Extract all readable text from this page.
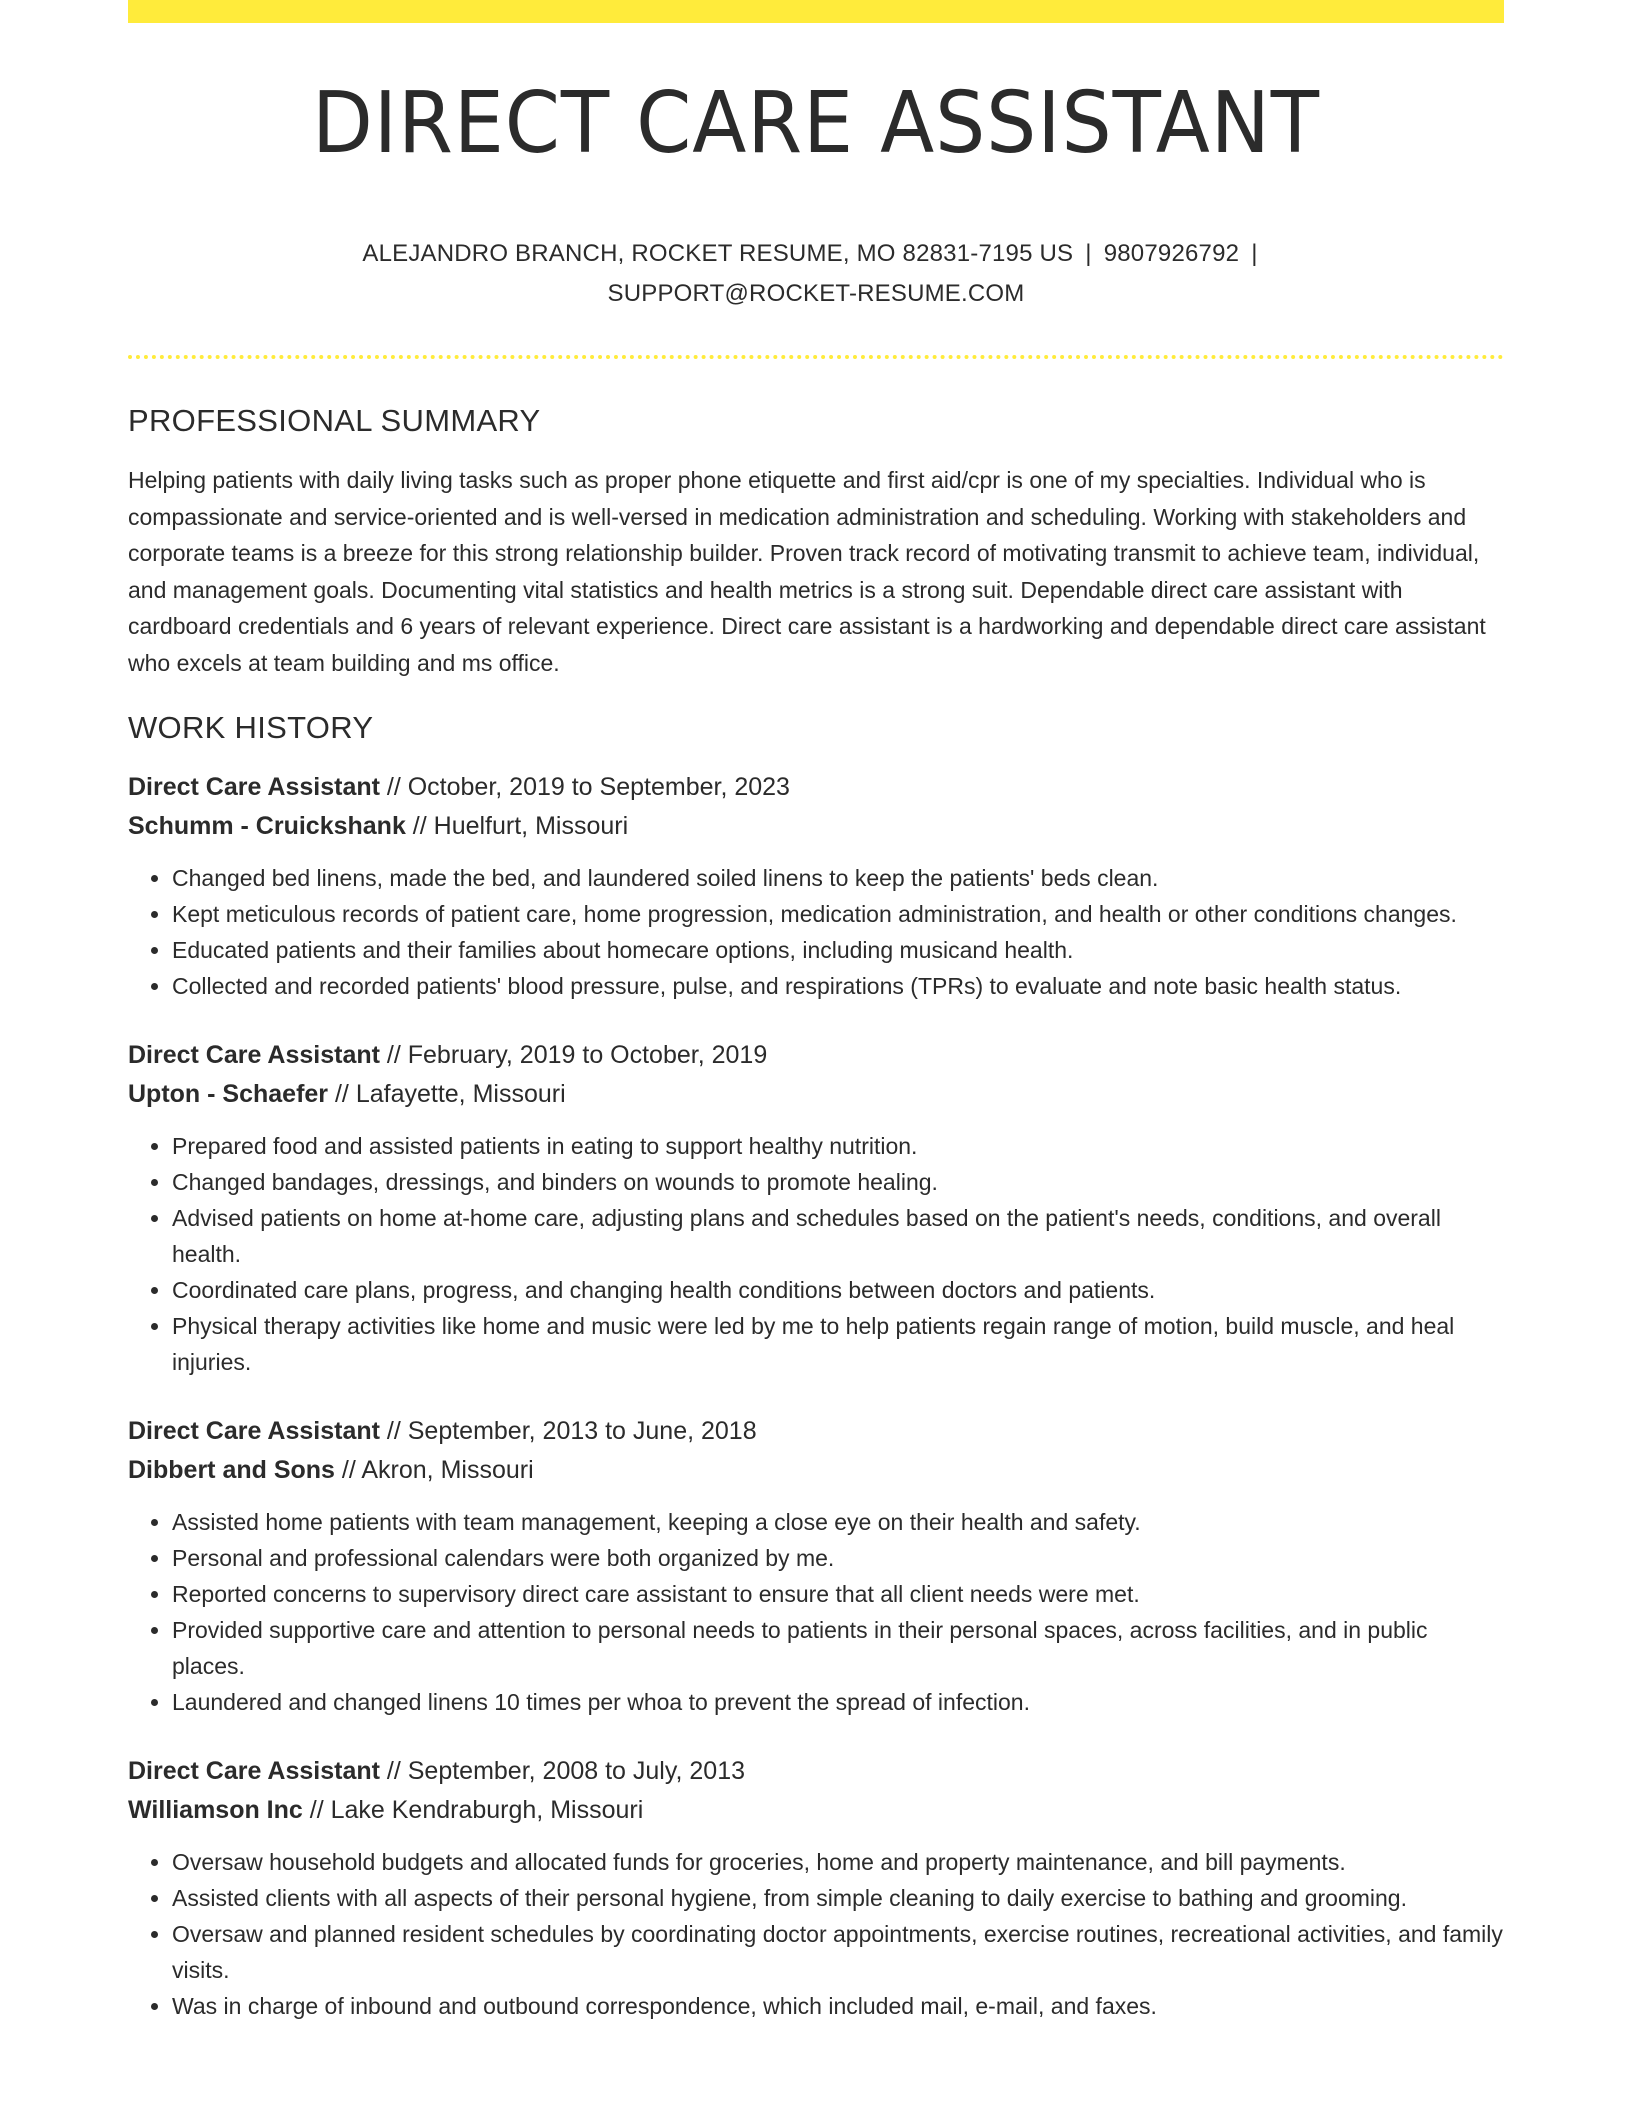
DIRECT CARE ASSISTANT
ALEJANDRO BRANCH, ROCKET RESUME, MO 82831-7195 US | 9807926792 |
SUPPORT@ROCKET-RESUME.COM
PROFESSIONAL SUMMARY

Helping patients with daily living tasks such as proper phone etiquette and first aid/cpr is one of my specialties. Individual who is compassionate and service-oriented and is well-versed in medication administration and scheduling. Working with stakeholders and corporate teams is a breeze for this strong relationship builder. Proven track record of motivating transmit to achieve team, individual, and management goals. Documenting vital statistics and health metrics is a strong suit. Dependable direct care assistant with cardboard credentials and 6 years of relevant experience. Direct care assistant is a hardworking and dependable direct care assistant who excels at team building and ms office.

WORK HISTORY
Direct Care Assistant // October, 2019 to September, 2023
Schumm - Cruickshank // Huelfurt, Missouri
• Changed bed linens, made the bed, and laundered soiled linens to keep the patients' beds clean.
• Kept meticulous records of patient care, home progression, medication administration, and health or other conditions changes.
• Educated patients and their families about homecare options, including musicand health.
• Collected and recorded patients' blood pressure, pulse, and respirations (TPRs) to evaluate and note basic health status.
Direct Care Assistant // February, 2019 to October, 2019
Upton - Schaefer // Lafayette, Missouri
• Prepared food and assisted patients in eating to support healthy nutrition.
• Changed bandages, dressings, and binders on wounds to promote healing.
• Advised patients on home at-home care, adjusting plans and schedules based on the patient's needs, conditions, and overall health.
• Coordinated care plans, progress, and changing health conditions between doctors and patients.
• Physical therapy activities like home and music were led by me to help patients regain range of motion, build muscle, and heal injuries.
Direct Care Assistant // September, 2013 to June, 2018
Dibbert and Sons // Akron, Missouri
• Assisted home patients with team management, keeping a close eye on their health and safety.
• Personal and professional calendars were both organized by me.
• Reported concerns to supervisory direct care assistant to ensure that all client needs were met.
• Provided supportive care and attention to personal needs to patients in their personal spaces, across facilities, and in public places.
• Laundered and changed linens 10 times per whoa to prevent the spread of infection.
Direct Care Assistant // September, 2008 to July, 2013
Williamson Inc // Lake Kendraburgh, Missouri
• Oversaw household budgets and allocated funds for groceries, home and property maintenance, and bill payments.
• Assisted clients with all aspects of their personal hygiene, from simple cleaning to daily exercise to bathing and grooming.
• Oversaw and planned resident schedules by coordinating doctor appointments, exercise routines, recreational activities, and family visits.
• Was in charge of inbound and outbound correspondence, which included mail, e-mail, and faxes.
